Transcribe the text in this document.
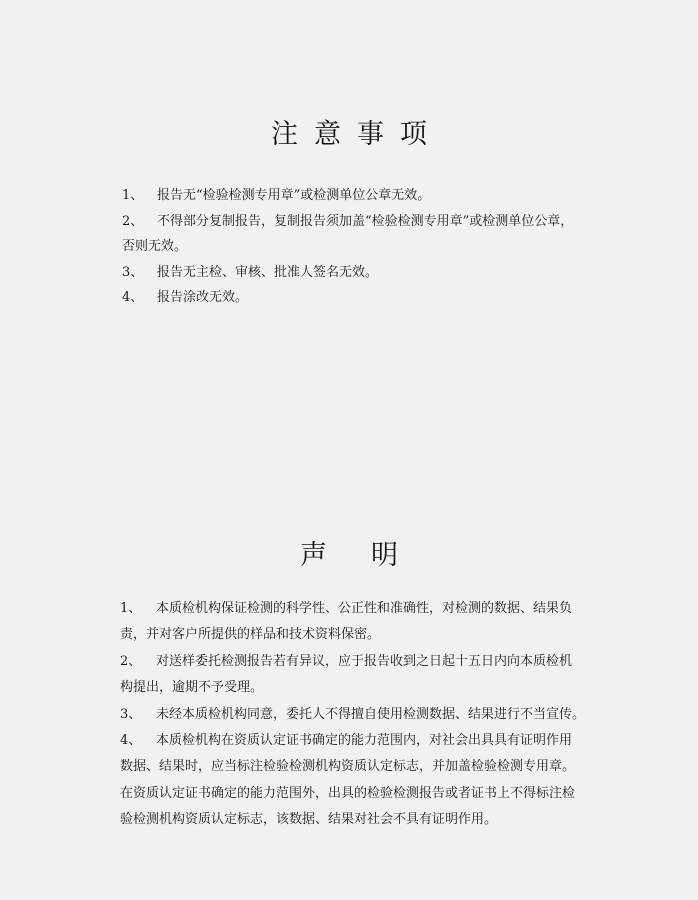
注 意 事 项
1、 报告无“检验检测专用章”或检测单位公章无效。
2、 不得部分复制报告，复制报告须加盖“检验检测专用章”或检测单位公章，
否则无效。
3、 报告无主检、审核、批准人签名无效。
4、 报告涂改无效。
声 明
1、 本质检机构保证检测的科学性、公正性和准确性，对检测的数据、结果负
责，并对客户所提供的样品和技术资料保密。
2、 对送样委托检测报告若有异议，应于报告收到之日起十五日内向本质检机
构提出，逾期不予受理。
3、 未经本质检机构同意，委托人不得擅自使用检测数据、结果进行不当宣传。
4、 本质检机构在资质认定证书确定的能力范围内，对社会出具具有证明作用
数据、结果时，应当标注检验检测机构资质认定标志，并加盖检验检测专用章。
在资质认定证书确定的能力范围外，出具的检验检测报告或者证书上不得标注检
验检测机构资质认定标志，该数据、结果对社会不具有证明作用。
